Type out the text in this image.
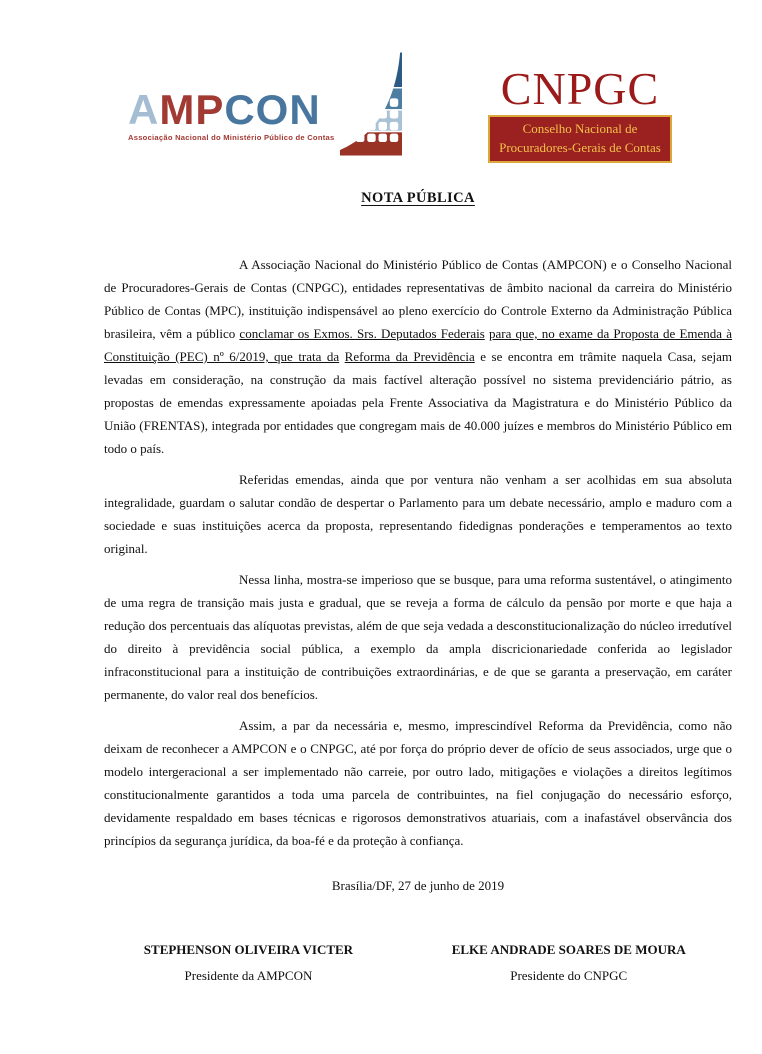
AMPCON
Associação Nacional do Ministério Público de Contas
CNPGC
Conselho Nacional de
Procuradores-Gerais de Contas
NOTA PÚBLICA

A Associação Nacional do Ministério Público de Contas (AMPCON) e o Conselho Nacional de Procuradores-Gerais de Contas (CNPGC), entidades representativas de âmbito nacional da carreira do Ministério Público de Contas (MPC), instituição indispensável ao pleno exercício do Controle Externo da Administração Pública brasileira, vêm a público conclamar os Exmos. Srs. Deputados Federais para que, no exame da Proposta de Emenda à Constituição (PEC) nº 6/2019, que trata da Reforma da Previdência e se encontra em trâmite naquela Casa, sejam levadas em consideração, na construção da mais factível alteração possível no sistema previdenciário pátrio, as propostas de emendas expressamente apoiadas pela Frente Associativa da Magistratura e do Ministério Público da União (FRENTAS), integrada por entidades que congregam mais de 40.000 juízes e membros do Ministério Público em todo o país.

Referidas emendas, ainda que por ventura não venham a ser acolhidas em sua absoluta integralidade, guardam o salutar condão de despertar o Parlamento para um debate necessário, amplo e maduro com a sociedade e suas instituições acerca da proposta, representando fidedignas ponderações e temperamentos ao texto original.

Nessa linha, mostra-se imperioso que se busque, para uma reforma sustentável, o atingimento de uma regra de transição mais justa e gradual, que se reveja a forma de cálculo da pensão por morte e que haja a redução dos percentuais das alíquotas previstas, além de que seja vedada a desconstitucionalização do núcleo irredutível do direito à previdência social pública, a exemplo da ampla discricionariedade conferida ao legislador infraconstitucional para a instituição de contribuições extraordinárias, e de que se garanta a preservação, em caráter permanente, do valor real dos benefícios.

Assim, a par da necessária e, mesmo, imprescindível Reforma da Previdência, como não deixam de reconhecer a AMPCON e o CNPGC, até por força do próprio dever de ofício de seus associados, urge que o modelo intergeracional a ser implementado não carreie, por outro lado, mitigações e violações a direitos legítimos constitucionalmente garantidos a toda uma parcela de contribuintes, na fiel conjugação do necessário esforço, devidamente respaldado em bases técnicas e rigorosos demonstrativos atuariais, com a inafastável observância dos princípios da segurança jurídica, da boa-fé e da proteção à confiança.

Brasília/DF, 27 de junho de 2019

STEPHENSON OLIVEIRA VICTER
Presidente da AMPCON
ELKE ANDRADE SOARES DE MOURA
Presidente do CNPGC
